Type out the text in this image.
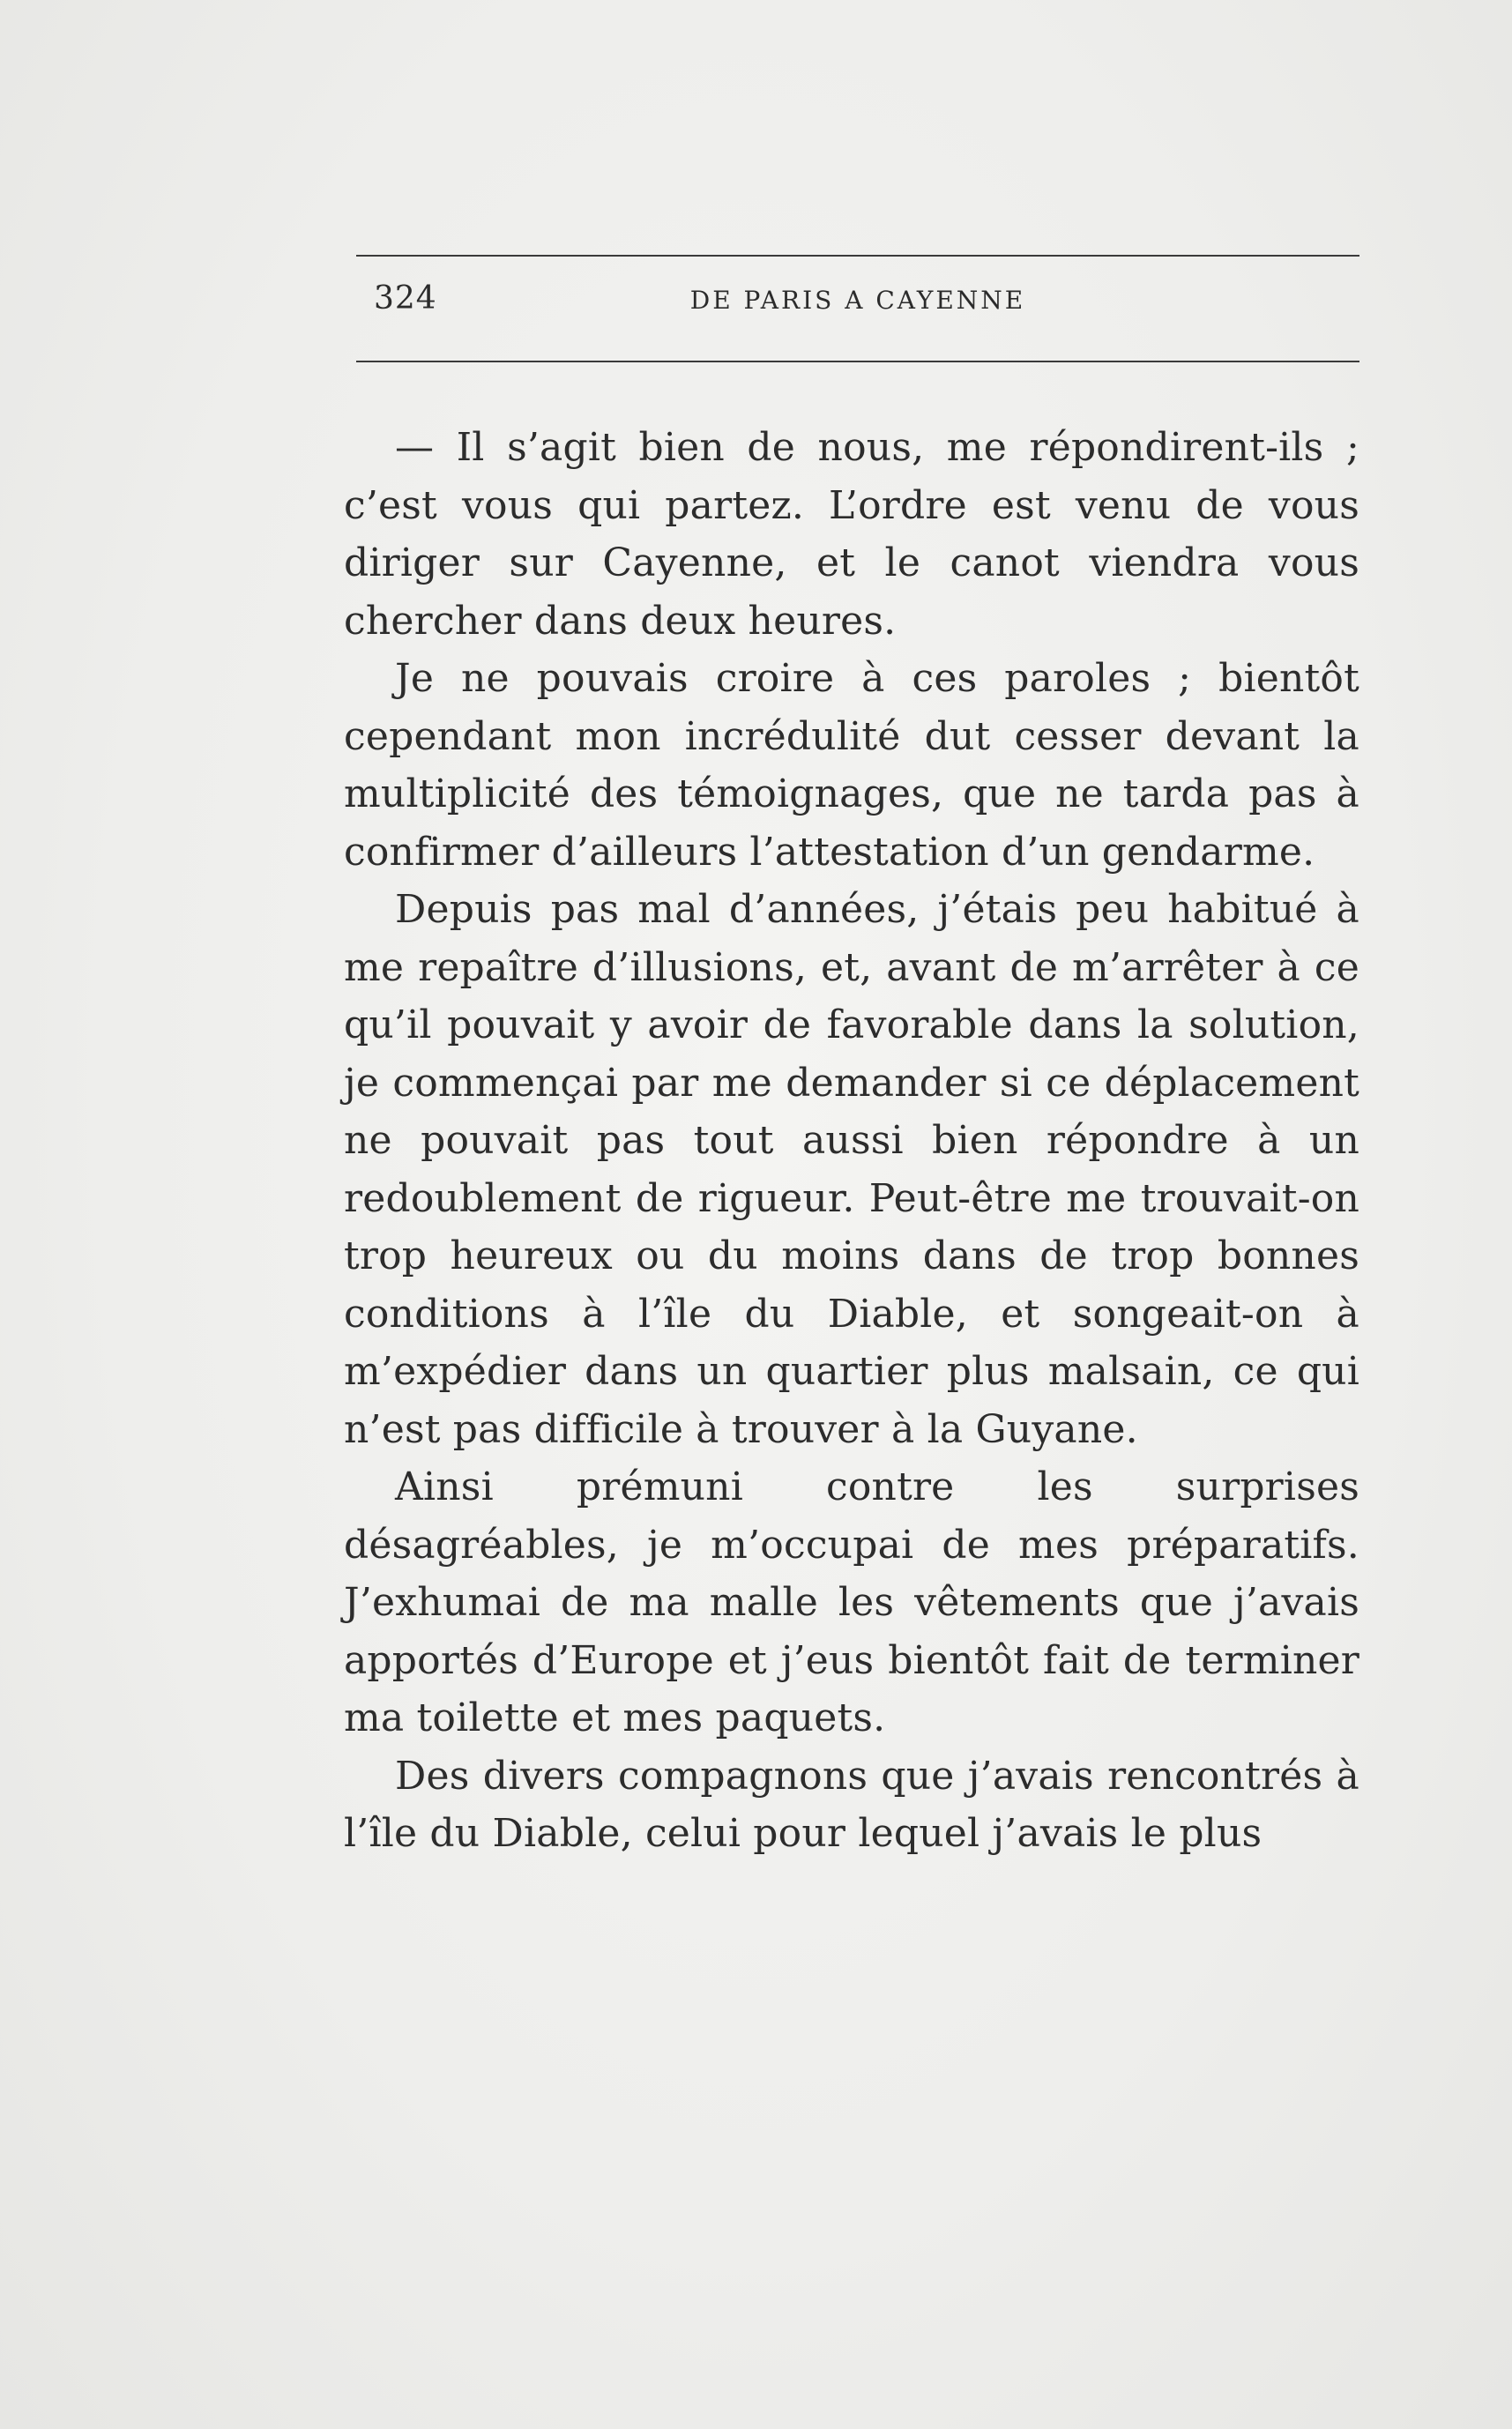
324	DE PARIS A CAYENNE

— Il s’agit bien de nous, me répondirent-ils ; c’est vous qui partez. L’ordre est venu de vous diriger sur Cayenne, et le canot viendra vous chercher dans deux heures.

Je ne pouvais croire à ces paroles ; bientôt cependant mon incrédulité dut cesser devant la multiplicité des témoignages, que ne tarda pas à confirmer d’ailleurs l’attestation d’un gendarme.

Depuis pas mal d’années, j’étais peu habitué à me repaître d’illusions, et, avant de m’arrêter à ce qu’il pouvait y avoir de favorable dans la solution, je commençai par me demander si ce déplacement ne pouvait pas tout aussi bien répondre à un redoublement de rigueur. Peut-être me trouvait-on trop heureux ou du moins dans de trop bonnes conditions à l’île du Diable, et songeait-on à m’expédier dans un quartier plus malsain, ce qui n’est pas difficile à trouver à la Guyane.

Ainsi prémuni contre les surprises désagréables, je m’occupai de mes préparatifs. J’exhumai de ma malle les vêtements que j’avais apportés d’Europe et j’eus bientôt fait de terminer ma toilette et mes paquets.

Des divers compagnons que j’avais rencontrés à l’île du Diable, celui pour lequel j’avais le plus
